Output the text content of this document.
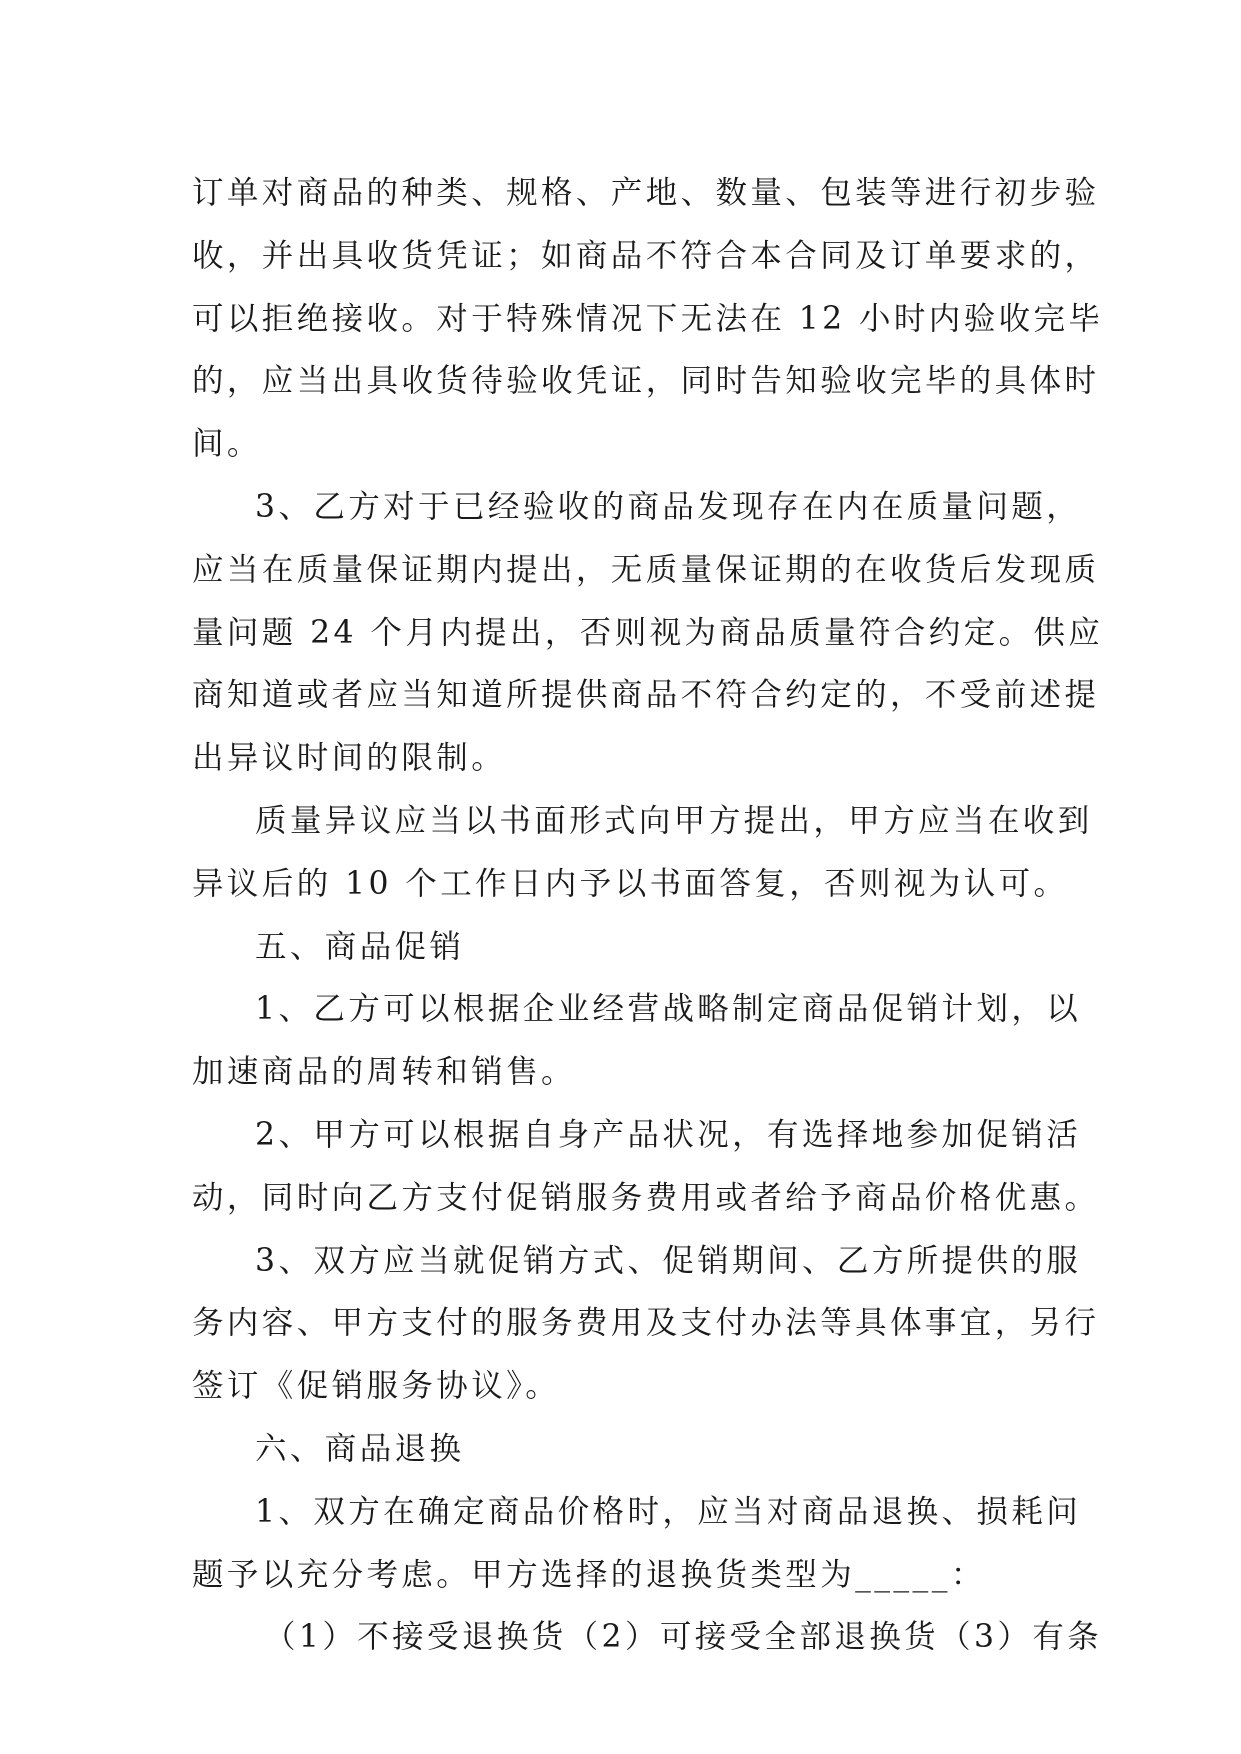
订单对商品的种类、规格、产地、数量、包装等进行初步验
收，并出具收货凭证；如商品不符合本合同及订单要求的，
可以拒绝接收。对于特殊情况下无法在 12 小时内验收完毕
的，应当出具收货待验收凭证，同时告知验收完毕的具体时
间。
3、乙方对于已经验收的商品发现存在内在质量问题，
应当在质量保证期内提出，无质量保证期的在收货后发现质
量问题 24 个月内提出，否则视为商品质量符合约定。供应
商知道或者应当知道所提供商品不符合约定的，不受前述提
出异议时间的限制。
质量异议应当以书面形式向甲方提出，甲方应当在收到
异议后的 10 个工作日内予以书面答复，否则视为认可。
五、商品促销
1、乙方可以根据企业经营战略制定商品促销计划，以
加速商品的周转和销售。
2、甲方可以根据自身产品状况，有选择地参加促销活
动，同时向乙方支付促销服务费用或者给予商品价格优惠。
3、双方应当就促销方式、促销期间、乙方所提供的服
务内容、甲方支付的服务费用及支付办法等具体事宜，另行
签订《促销服务协议》。
六、商品退换
1、双方在确定商品价格时，应当对商品退换、损耗问
题予以充分考虑。甲方选择的退换货类型为_____：
（1）不接受退换货（2）可接受全部退换货（3）有条
